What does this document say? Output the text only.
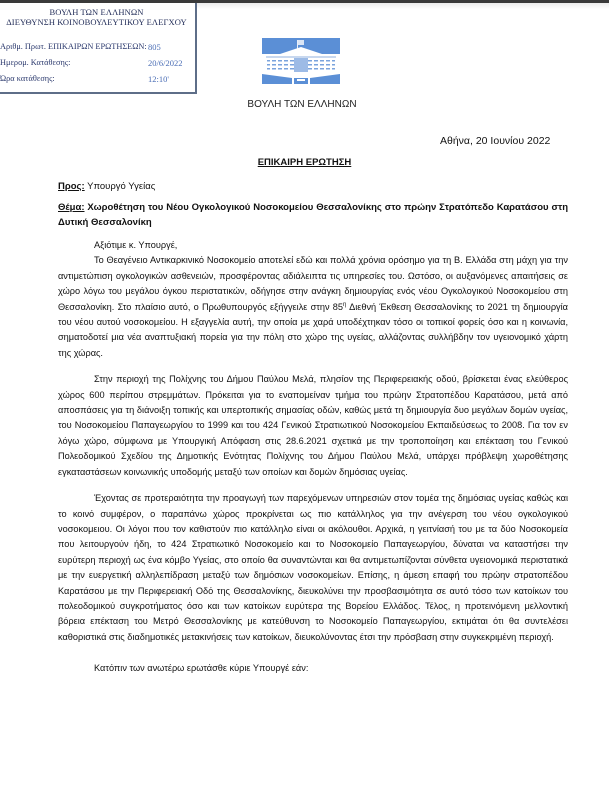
ΒΟΥΛΗ ΤΩΝ ΕΛΛΗΝΩΝ
ΔΙΕΥΘΥΝΣΗ ΚΟΙΝΟΒΟΥΛΕΥΤΙΚΟΥ ΕΛΕΓΧΟΥ
Αριθμ. Πρωτ. ΕΠΙΚΑΙΡΩΝ ΕΡΩΤΗΣΕΩΝ: 805
Ημερομ. Κατάθεσης:	20/6/2022
Ώρα κατάθεσης:	12:10'
ΒΟΥΛΗ ΤΩΝ ΕΛΛΗΝΩΝ
Αθήνα, 20 Ιουνίου 2022
ΕΠΙΚΑΙΡΗ ΕΡΩΤΗΣΗ
Προς: Υπουργό Υγείας
Θέμα: Χωροθέτηση του Νέου Ογκολογικού Νοσοκομείου Θεσσαλονίκης στο πρώην Στρατόπεδο Καρατάσου στη Δυτική Θεσσαλονίκη

Αξιότιμε κ. Υπουργέ,

Το Θεαγένειο Αντικαρκινικό Νοσοκομείο αποτελεί εδώ και πολλά χρόνια ορόσημο για τη Β. Ελλάδα στη μάχη για την αντιμετώπιση ογκολογικών ασθενειών, προσφέροντας αδιάλειπτα τις υπηρεσίες του. Ωστόσο, οι αυξανόμενες απαιτήσεις σε χώρο λόγω του μεγάλου όγκου περιστατικών, οδήγησε στην ανάγκη δημιουργίας ενός νέου Ογκολογικού Νοσοκομείου στη Θεσσαλονίκη. Στο πλαίσιο αυτό, ο Πρωθυπουργός εξήγγειλε στην $85^\eta$ Διεθνή Έκθεση Θεσσαλονίκης το 2021 τη δημιουργία του νέου αυτού νοσοκομείου. Η εξαγγελία αυτή, την οποία με χαρά υποδέχτηκαν τόσο οι τοπικοί φορείς όσο και η κοινωνία, σηματοδοτεί μια νέα αναπτυξιακή πορεία για την πόλη στο χώρο της υγείας, αλλάζοντας συλλήβδην τον υγειονομικό χάρτη της χώρας.

Στην περιοχή της Πολίχνης του Δήμου Παύλου Μελά, πλησίον της Περιφερειακής οδού, βρίσκεται ένας ελεύθερος χώρος 600 περίπου στρεμμάτων. Πρόκειται για το εναπομείναν τμήμα του πρώην Στρατοπέδου Καρατάσου, μετά από αποσπάσεις για τη διάνοιξη τοπικής και υπερτοπικής σημασίας οδών, καθώς μετά τη δημιουργία δυο μεγάλων δομών υγείας, του Νοσοκομείου Παπαγεωργίου το 1999 και του 424 Γενικού Στρατιωτικού Νοσοκομείου Εκπαιδεύσεως το 2008. Για τον εν λόγω χώρο, σύμφωνα με Υπουργική Απόφαση στις 28.6.2021 σχετικά με την τροποποίηση και επέκταση του Γενικού Πολεοδομικού Σχεδίου της Δημοτικής Ενότητας Πολίχνης του Δήμου Παύλου Μελά, υπάρχει πρόβλεψη χωροθέτησης εγκαταστάσεων κοινωνικής υποδομής μεταξύ των οποίων και δομών δημόσιας υγείας.

Έχοντας σε προτεραιότητα την προαγωγή των παρεχόμενων υπηρεσιών στον τομέα της δημόσιας υγείας καθώς και το κοινό συμφέρον, ο παραπάνω χώρος προκρίνεται ως πιο κατάλληλος για την ανέγερση του νέου ογκολογικού νοσοκομειου. Οι λόγοι που τον καθιστούν πιο κατάλληλο είναι οι ακόλουθοι. Αρχικά, η γειτνίασή του με τα δύο Νοσοκομεία που λειτουργούν ήδη, το 424 Στρατιωτικό Νοσοκομείο και το Νοσοκομείο Παπαγεωργίου, δύναται να καταστήσει την ευρύτερη περιοχή ως ένα κόμβο Υγείας, στο οποίο θα συναντώνται και θα αντιμετωπίζονται σύνθετα υγειονομικά περιστατικά με την ευεργετική αλληλεπίδραση μεταξύ των δημόσιων νοσοκομείων. Επίσης, η άμεση επαφή του πρώην στρατοπέδου Καρατάσου με την Περιφερειακή Οδό της Θεσσαλονίκης, διευκολύνει την προσβασιμότητα σε αυτό τόσο των κατοίκων του πολεοδομικού συγκροτήματος όσο και των κατοίκων ευρύτερα της Βορείου Ελλάδος. Τέλος, η προτεινόμενη μελλοντική βόρεια επέκταση του Μετρό Θεσσαλονίκης με κατεύθυνση το Νοσοκομείο Παπαγεωργίου, εκτιμάται ότι θα συντελέσει καθοριστικά στις διαδημοτικές μετακινήσεις των κατοίκων, διευκολύνοντας έτσι την πρόσβαση στην συγκεκριμένη περιοχή.

Κατόπιν των ανωτέρω ερωτάσθε κύριε Υπουργέ εάν:
